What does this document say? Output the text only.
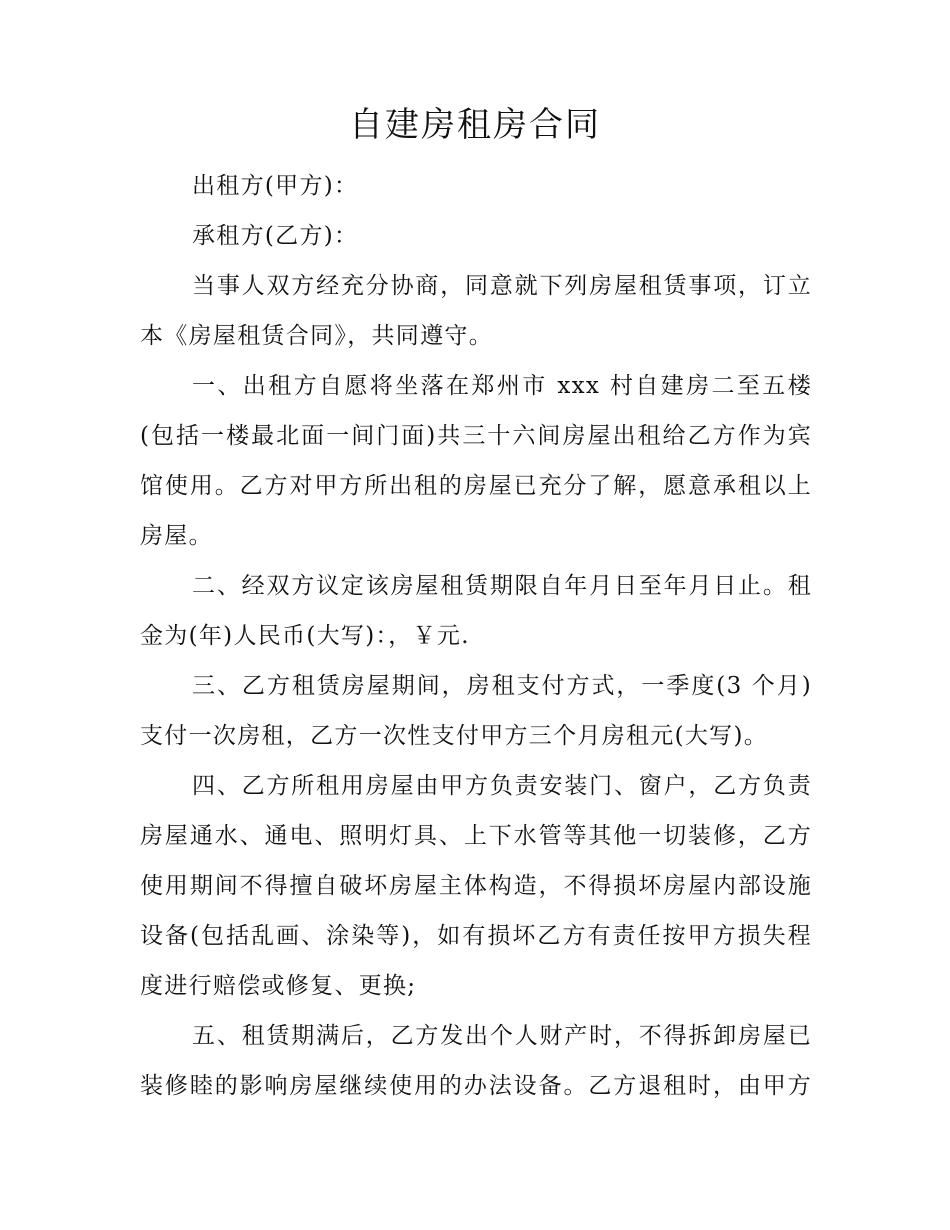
自建房租房合同
出租方(甲方)：
承租方(乙方)：
当事人双方经充分协商，同意就下列房屋租赁事项，订立
本《房屋租赁合同》，共同遵守。
一、出租方自愿将坐落在郑州市 xxx 村自建房二至五楼
(包括一楼最北面一间门面)共三十六间房屋出租给乙方作为宾
馆使用。乙方对甲方所出租的房屋已充分了解，愿意承租以上
房屋。
二、经双方议定该房屋租赁期限自年月日至年月日止。租
金为(年)人民币(大写)：，￥元.
三、乙方租赁房屋期间，房租支付方式，一季度(3 个月)
支付一次房租，乙方一次性支付甲方三个月房租元(大写)。
四、乙方所租用房屋由甲方负责安装门、窗户，乙方负责
房屋通水、通电、照明灯具、上下水管等其他一切装修，乙方
使用期间不得擅自破坏房屋主体构造，不得损坏房屋内部设施
设备(包括乱画、涂染等)，如有损坏乙方有责任按甲方损失程
度进行赔偿或修复、更换;
五、租赁期满后，乙方发出个人财产时，不得拆卸房屋已
装修睦的影响房屋继续使用的办法设备。乙方退租时，由甲方
